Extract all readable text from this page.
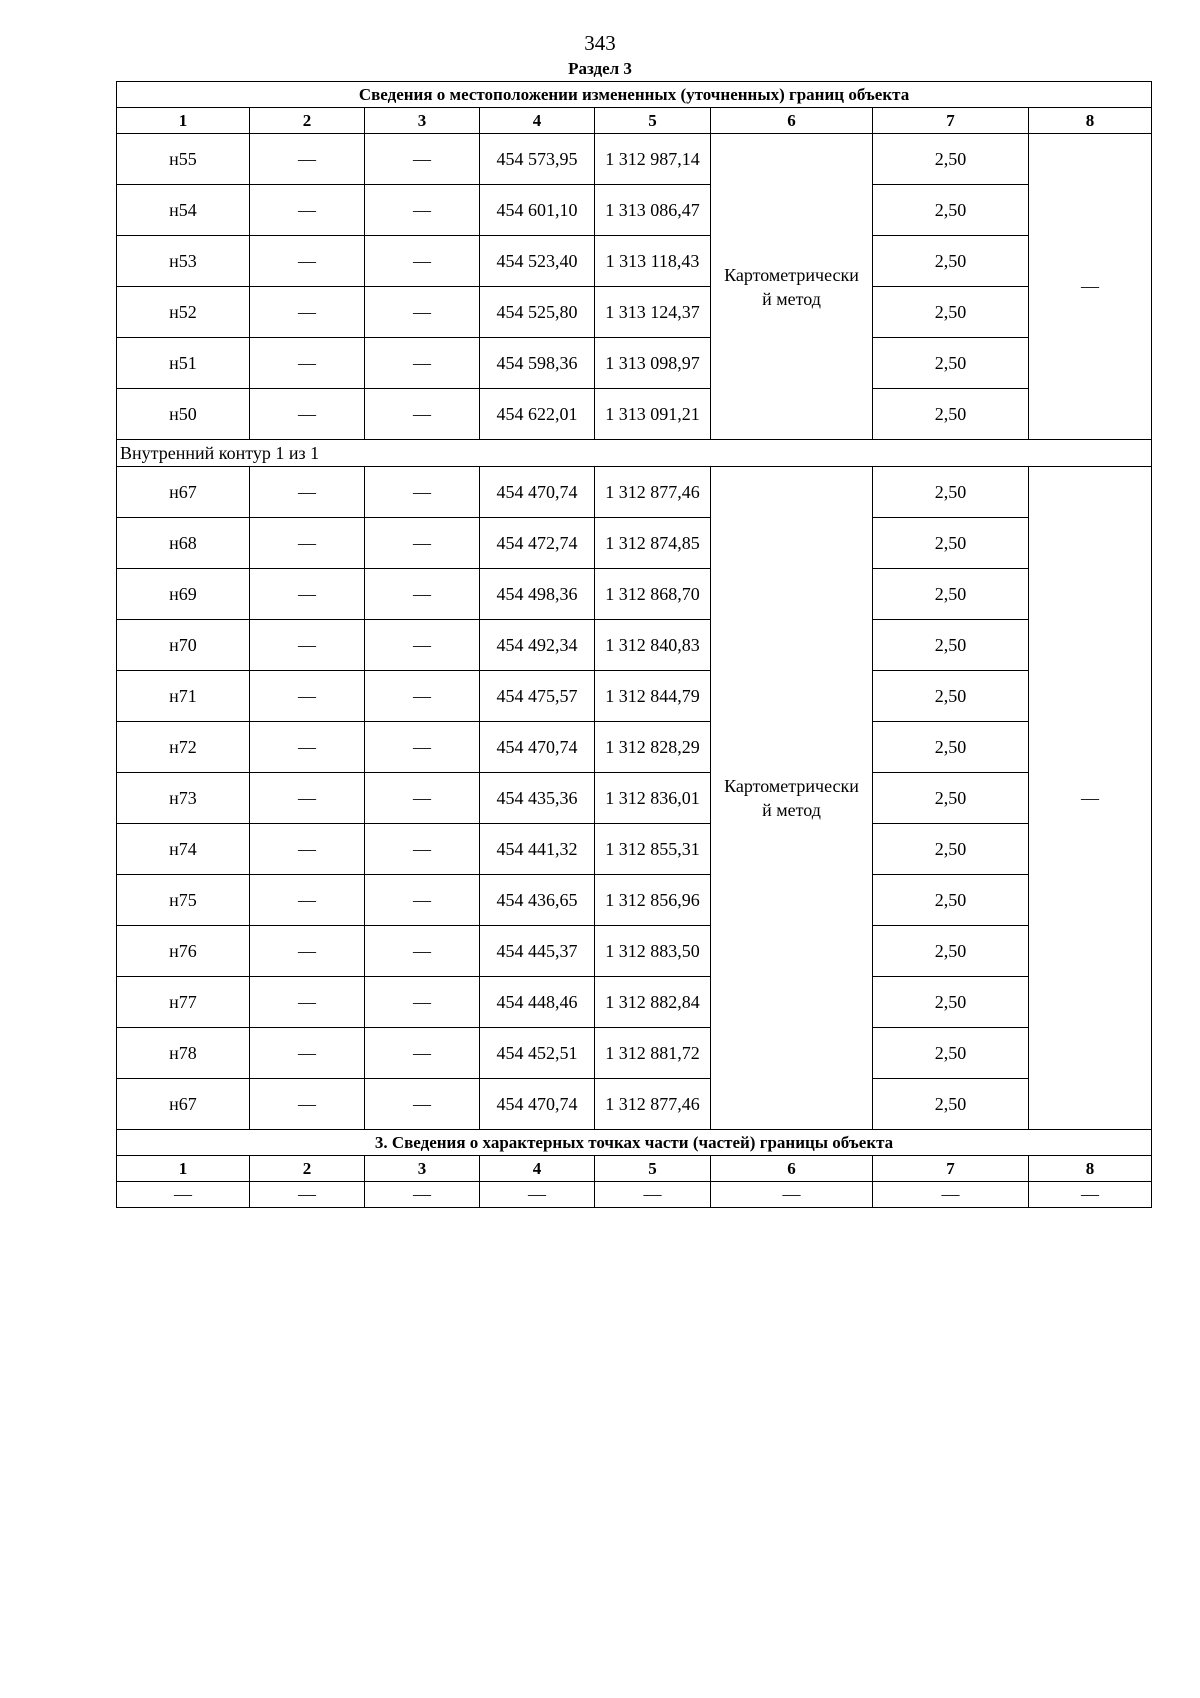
343
Раздел 3
Сведения о местоположении измененных (уточненных) границ объекта							
1	2	3	4	5	6	7	8
н55	—	—	454 573,95	1 312 987,14	Картометрически
й метод	2,50	—
н54	—	—	454 601,10	1 313 086,47		2,50	
н53	—	—	454 523,40	1 313 118,43		2,50	
н52	—	—	454 525,80	1 313 124,37		2,50	
н51	—	—	454 598,36	1 313 098,97		2,50	
н50	—	—	454 622,01	1 313 091,21		2,50	
Внутренний контур 1 из 1							
н67	—	—	454 470,74	1 312 877,46	Картометрически
й метод	2,50	—
н68	—	—	454 472,74	1 312 874,85		2,50	
н69	—	—	454 498,36	1 312 868,70		2,50	
н70	—	—	454 492,34	1 312 840,83		2,50	
н71	—	—	454 475,57	1 312 844,79		2,50	
н72	—	—	454 470,74	1 312 828,29		2,50	
н73	—	—	454 435,36	1 312 836,01		2,50	
н74	—	—	454 441,32	1 312 855,31		2,50	
н75	—	—	454 436,65	1 312 856,96		2,50	
н76	—	—	454 445,37	1 312 883,50		2,50	
н77	—	—	454 448,46	1 312 882,84		2,50	
н78	—	—	454 452,51	1 312 881,72		2,50	
н67	—	—	454 470,74	1 312 877,46		2,50	
3. Сведения о характерных точках части (частей) границы объекта							
1	2	3	4	5	6	7	8
—	—	—	—	—	—	—	—
